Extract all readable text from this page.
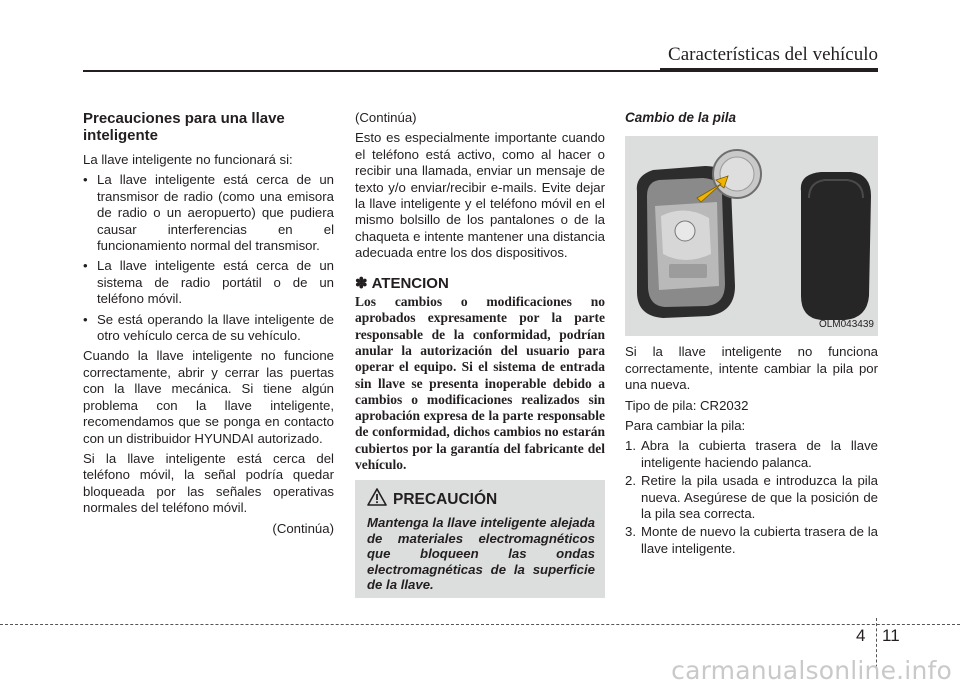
Características del vehículo
Precauciones para una llave inteligente
La llave inteligente no funcionará si:
• La llave inteligente está cerca de un transmisor de radio (como una emisora de radio o un aeropuerto) que pudiera causar interferencias en el funcionamiento normal del transmisor.
• La llave inteligente está cerca de un sistema de radio portátil o de un teléfono móvil.
• Se está operando la llave inteligente de otro vehículo cerca de su vehículo.
Cuando la llave inteligente no funcione correctamente, abrir y cerrar las puertas con la llave mecánica. Si tiene algún problema con la llave inteligente, recomendamos que se ponga en contacto con un distribuidor HYUNDAI autorizado.
Si la llave inteligente está cerca del teléfono móvil, la señal podría quedar bloqueada por las señales operativas normales del teléfono móvil.
(Continúa)
(Continúa)
Esto es especialmente importante cuando el teléfono está activo, como al hacer o recibir una llamada, enviar un mensaje de texto y/o enviar/recibir e-mails. Evite dejar la llave inteligente y el teléfono móvil en el mismo bolsillo de los pantalones o de la chaqueta e intente mantener una distancia adecuada entre los dos dispositivos.
✽ ATENCION
Los cambios o modificaciones no aprobados expresamente por la parte responsable de la conformidad, podrían anular la autorización del usuario para operar el equipo. Si el sistema de entrada sin llave se presenta inoperable debido a cambios o modificaciones realizados sin aprobación expresa de la parte responsable de conformidad, dichos cambios no estarán cubiertos por la garantía del fabricante del vehículo.
PRECAUCIÓN
Mantenga la llave inteligente alejada de materiales electromagnéticos que bloqueen las ondas electromagnéticas de la superficie de la llave.
Cambio de la pila
OLM043439
Si la llave inteligente no funciona correctamente, intente cambiar la pila por una nueva.
Tipo de pila: CR2032
Para cambiar la pila:
1. Abra la cubierta trasera de la llave inteligente haciendo palanca.
2. Retire la pila usada e introduzca la pila nueva. Asegúrese de que la posición de la pila sea correcta.
3. Monte de nuevo la cubierta trasera de la llave inteligente.
4 11
carmanualsonline.info
